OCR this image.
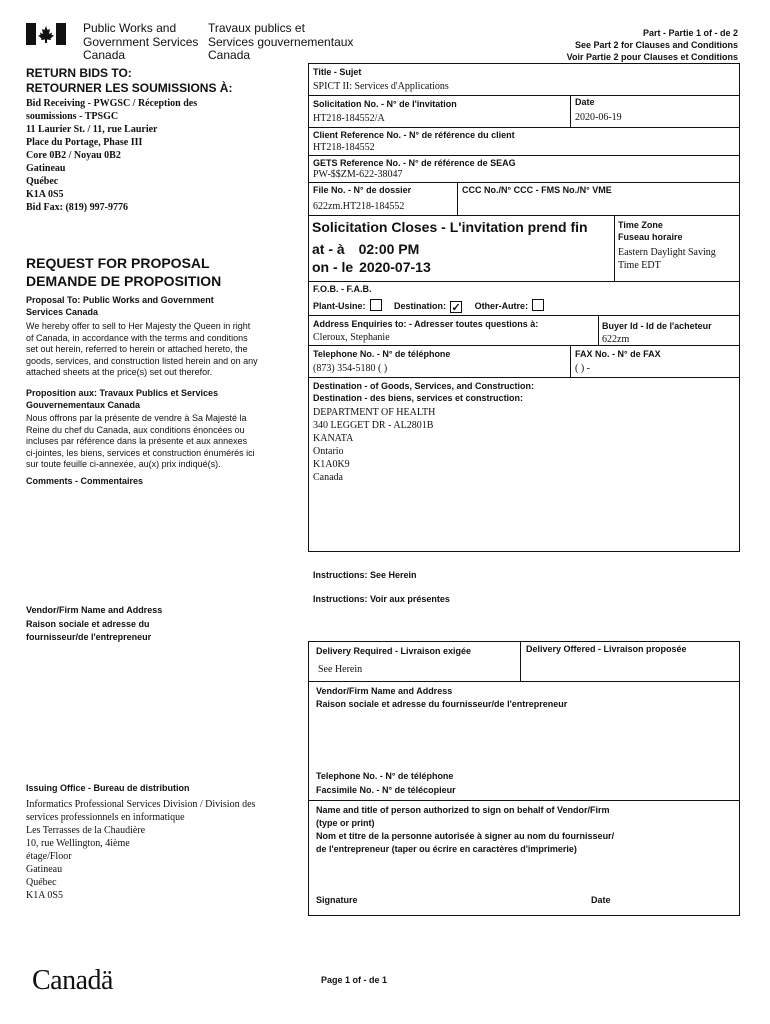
Public Works and
Government Services
Canada
Travaux publics et
Services gouvernementaux
Canada
Part - Partie 1 of - de 2
See Part 2 for Clauses and Conditions
Voir Partie 2 pour Clauses et Conditions
RETURN BIDS TO:
RETOURNER LES SOUMISSIONS À:
Bid Receiving - PWGSC / Réception des
soumissions - TPSGC
11 Laurier St. / 11, rue Laurier
Place du Portage, Phase III
Core 0B2 / Noyau 0B2
Gatineau
Québec
K1A 0S5
Bid Fax: (819) 997-9776
REQUEST FOR PROPOSAL
DEMANDE DE PROPOSITION
Proposal To: Public Works and Government
Services Canada
We hereby offer to sell to Her Majesty the Queen in right of Canada, in accordance with the terms and conditions set out herein, referred to herein or attached hereto, the goods, services, and construction listed herein and on any attached sheets at the price(s) set out therefor.
Proposition aux: Travaux Publics et Services
Gouvernementaux Canada
Nous offrons par la présente de vendre à Sa Majesté la Reine du chef du Canada, aux conditions énoncées ou incluses par référence dans la présente et aux annexes ci-jointes, les biens, services et construction énumérés ici sur toute feuille ci-annexée, au(x) prix indiqué(s).
Comments - Commentaires
Vendor/Firm Name and Address
Raison sociale et adresse du
fournisseur/de l'entrepreneur
Issuing Office - Bureau de distribution
Informatics Professional Services Division / Division des
services professionnels en informatique
Les Terrasses de la Chaudière
10, rue Wellington, 4ième
étage/Floor
Gatineau
Québec
K1A 0S5
Title - Sujet
SPICT II: Services d'Applications
Solicitation No. - N° de l'invitation
HT218-184552/A
Date
2020-06-19
Client Reference No. - N° de référence du client
HT218-184552
GETS Reference No. - N° de référence de SEAG
PW-$$ZM-622-38047
File No. - N° de dossier
622zm.HT218-184552
CCC No./N° CCC - FMS No./N° VME
Solicitation Closes - L'invitation prend fin
at - à 02:00 PM
on - le 2020-07-13
Time Zone
Fuseau horaire
Eastern Daylight Saving Time EDT
F.O.B. - F.A.B.
Plant-Usine:	Destination: ✓ Other-Autre:
Address Enquiries to: - Adresser toutes questions à:
Cleroux, Stephanie
Buyer Id - Id de l'acheteur
622zm
Telephone No. - N° de téléphone
(873) 354-5180 ( )
FAX No. - N° de FAX
( ) -
Destination - of Goods, Services, and Construction:
Destination - des biens, services et construction:
DEPARTMENT OF HEALTH
340 LEGGET DR - AL2801B
KANATA
Ontario
K1A0K9
Canada
Instructions: See Herein
Instructions: Voir aux présentes
Delivery Required - Livraison exigée
See Herein
Delivery Offered - Livraison proposée
Vendor/Firm Name and Address
Raison sociale et adresse du fournisseur/de l'entrepreneur
Telephone No. - N° de téléphone
Facsimile No. - N° de télécopieur
Name and title of person authorized to sign on behalf of Vendor/Firm
(type or print)
Nom et titre de la personne autorisée à signer au nom du fournisseur/
de l'entrepreneur (taper ou écrire en caractères d'imprimerie)
Signature	Date
Page 1 of - de 1
Canadä
